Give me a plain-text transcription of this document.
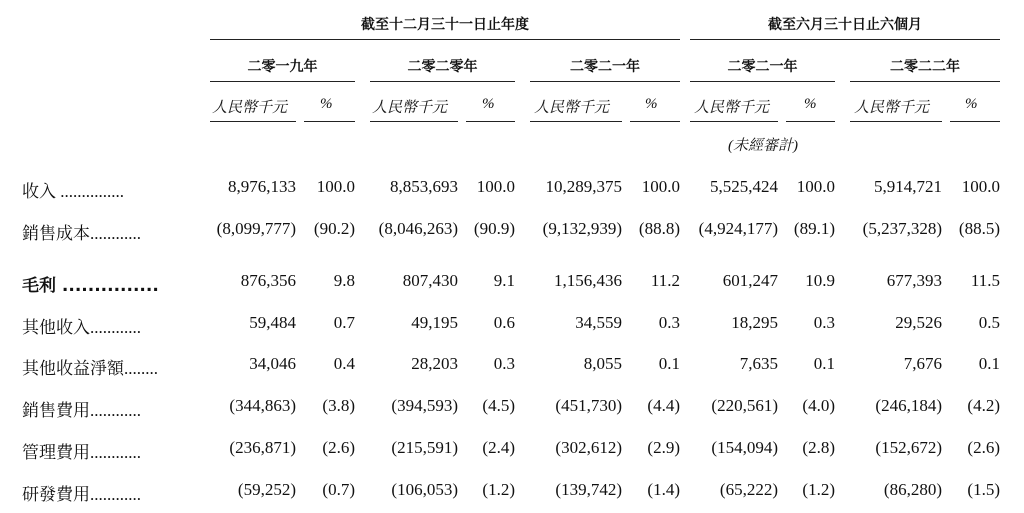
截至十二月三十一日止年度	截至六月三十日止六個月
二零一九年	二零二零年	二零二一年	二零二一年	二零二二年
人民幣千元 %	人民幣千元 %	人民幣千元 % 人民幣千元 %	人民幣千元 %
(未經審計)
收入 ...............	8,976,133 100.0 8,853,693 100.0 10,289,375 100.0 5,525,424 100.0 5,914,721 100.0
銷售成本............	(8,099,777) (90.2) (8,046,263) (90.9) (9,132,939) (88.8) (4,924,177) (89.1) (5,237,328) (88.5)
毛利 ...............	876,356 9.8	807,430 9.1 1,156,436 11.2	601,247 10.9	677,393 11.5
其他收入............	59,484 0.7	49,195 0.6	34,559 0.3	18,295 0.3	29,526 0.5
其他收益淨額........	34,046 0.4	28,203 0.3	8,055 0.1	7,635 0.1	7,676 0.1
銷售費用............	(344,863) (3.8) (394,593) (4.5) (451,730) (4.4) (220,561) (4.0) (246,184) (4.2)
管理費用............	(236,871) (2.6) (215,591) (2.4) (302,612) (2.9) (154,094) (2.8) (152,672) (2.6)
研發費用............	(59,252) (0.7) (106,053) (1.2) (139,742) (1.4) (65,222) (1.2)	(86,280) (1.5)
